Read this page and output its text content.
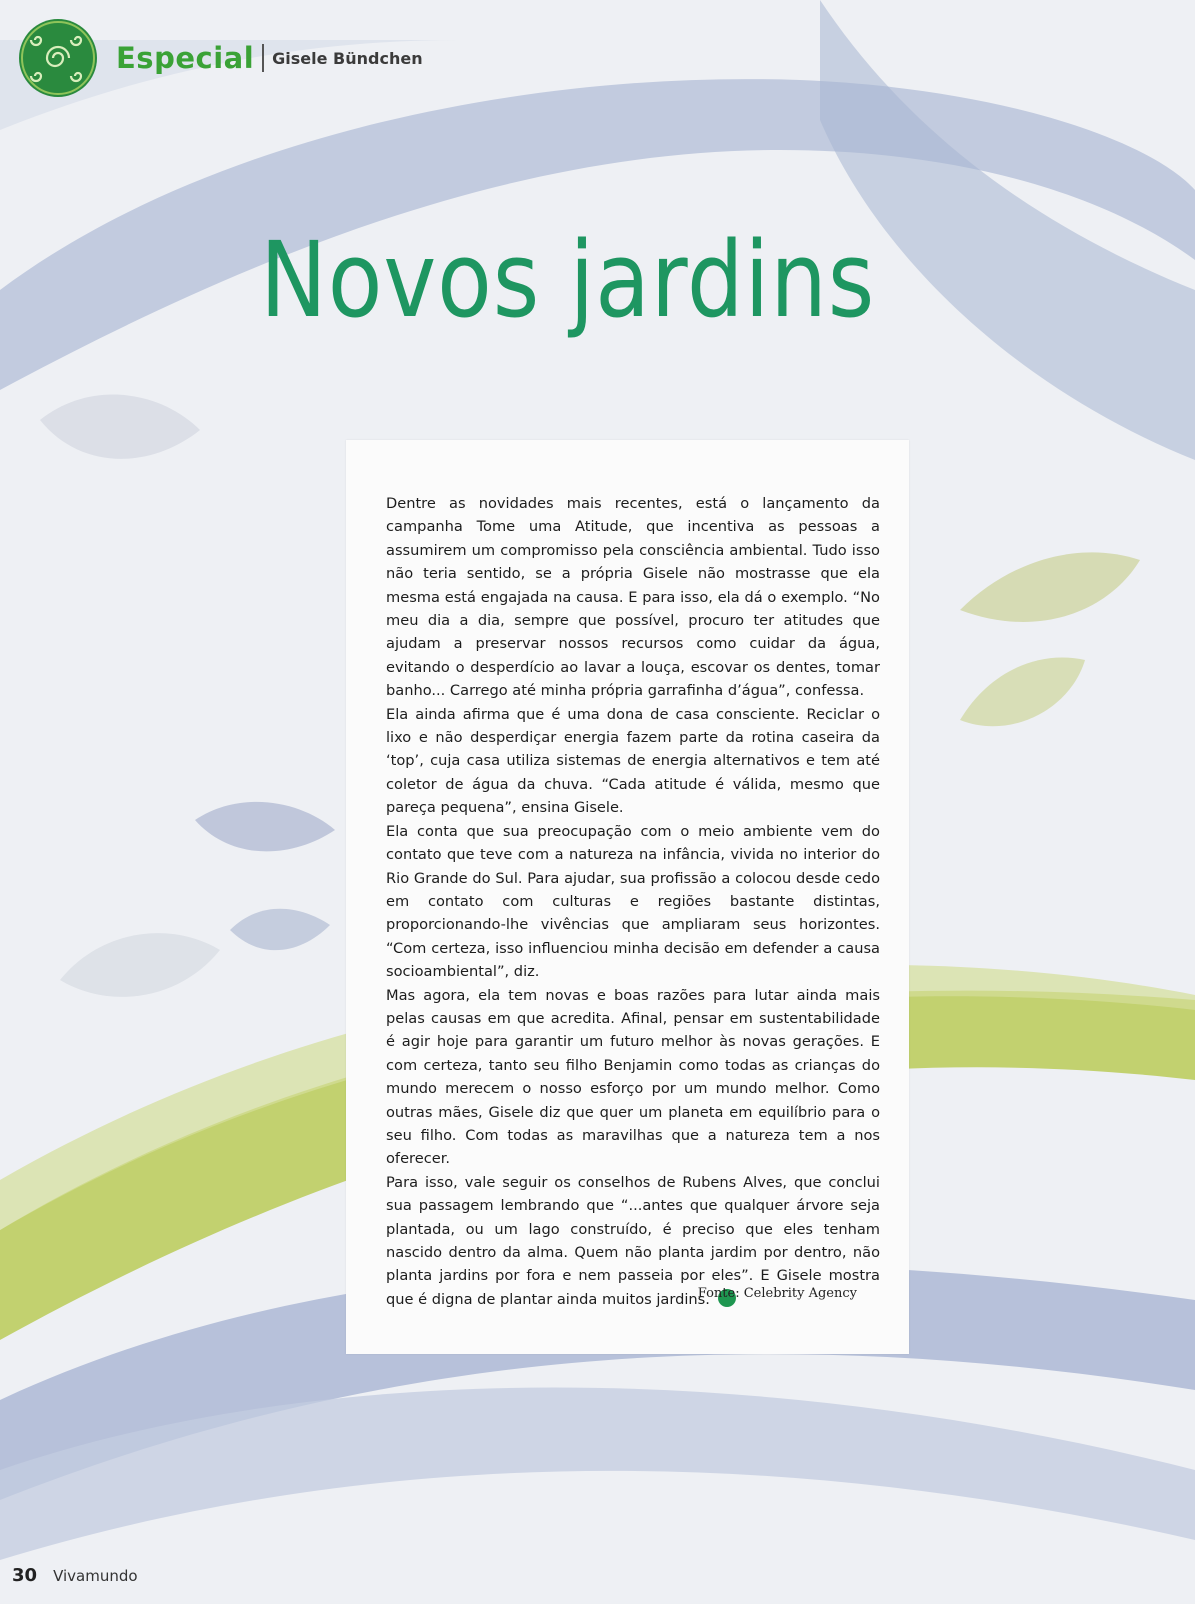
Especial Gisele Bündchen
Novos jardins

Dentre as novidades mais recentes, está o lançamento da campanha Tome uma Atitude, que incentiva as pessoas a assumirem um compromisso pela consciência ambiental. Tudo isso não teria sentido, se a própria Gisele não mostrasse que ela mesma está engajada na causa. E para isso, ela dá o exemplo. “No meu dia a dia, sempre que possível, procuro ter atitudes que ajudam a preservar nossos recursos como cuidar da água, evitando o desperdício ao lavar a louça, escovar os dentes, tomar banho... Carrego até minha própria garrafinha d’água”, confessa.

Ela ainda afirma que é uma dona de casa consciente. Reciclar o lixo e não desperdiçar energia fazem parte da rotina caseira da ‘top’, cuja casa utiliza sistemas de energia alternativos e tem até coletor de água da chuva. “Cada atitude é válida, mesmo que pareça pequena”, ensina Gisele.

Ela conta que sua preocupação com o meio ambiente vem do contato que teve com a natureza na infância, vivida no interior do Rio Grande do Sul. Para ajudar, sua profissão a colocou desde cedo em contato com culturas e regiões bastante distintas, proporcionando-lhe vivências que ampliaram seus horizontes. “Com certeza, isso influenciou minha decisão em defender a causa socioambiental”, diz.

Mas agora, ela tem novas e boas razões para lutar ainda mais pelas causas em que acredita. Afinal, pensar em sustentabilidade é agir hoje para garantir um futuro melhor às novas gerações. E com certeza, tanto seu filho Benjamin como todas as crianças do mundo merecem o nosso esforço por um mundo melhor. Como outras mães, Gisele diz que quer um planeta em equilíbrio para o seu filho. Com todas as maravilhas que a natureza tem a nos oferecer.

Para isso, vale seguir os conselhos de Rubens Alves, que conclui sua passagem lembrando que “...antes que qualquer árvore seja plantada, ou um lago construído, é preciso que eles tenham nascido dentro da alma. Quem não planta jardim por dentro, não planta jardins por fora e nem passeia por eles”. E Gisele mostra que é digna de plantar ainda muitos jardins.

Fonte: Celebrity Agency
30 Vivamundo
